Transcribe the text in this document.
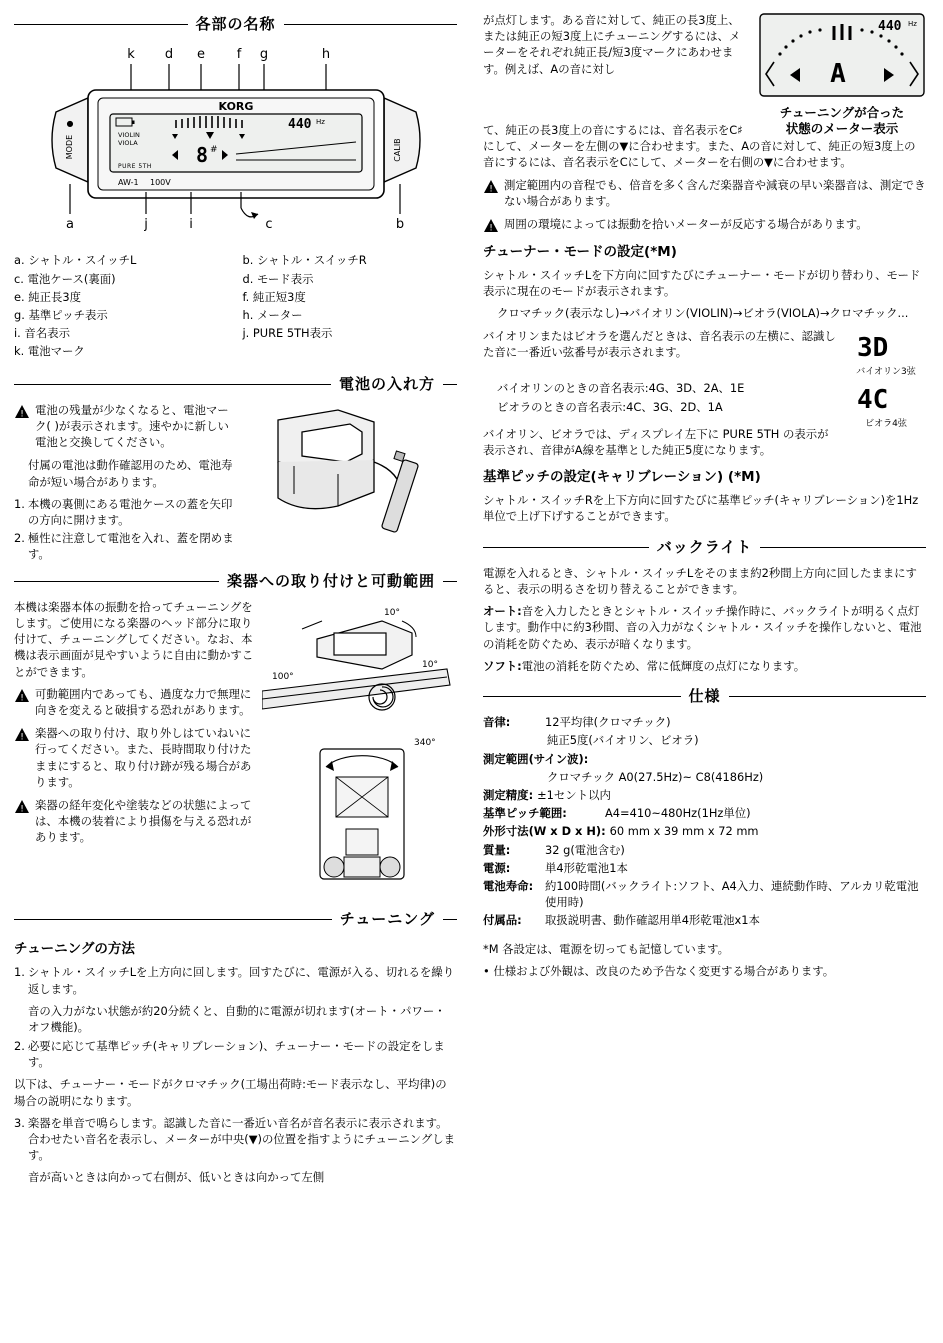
各部の名称
k d e f g	h
●
MODE	CALIB
KORG
VIOLIN
VIOLA
440 Hz
8 #
PURE 5TH
AW-1 100V
a	j	i	c	b
a. シャトル・スイッチL	b. シャトル・スイッチR
c. 電池ケース(裏面)	d. モード表示
e. 純正長3度	f. 純正短3度
g. 基準ピッチ表示	h. メーター
i. 音名表示	j. PURE 5TH表示
k. 電池マーク
電池の入れ方
! 電池の残量が少なくなると、電池マーク( )が表示されます。速やかに新しい電池と交換してください。

付属の電池は動作確認用のため、電池寿命が短い場合があります。

1. 本機の裏側にある電池ケースの蓋を矢印の方向に開けます。
2. 極性に注意して電池を入れ、蓋を閉めます。
楽器への取り付けと可動範囲
10°
10°
100°
340°

本機は楽器本体の振動を拾ってチューニングをします。ご使用になる楽器のヘッド部分に取り付けて、チューニングしてください。なお、本機は表示画面が見やすいように自由に動かすことができます。

! 可動範囲内であっても、過度な力で無理に向きを変えると破損する恐れがあります。
! 楽器への取り付け、取り外しはていねいに行ってください。また、長時間取り付けたままにすると、取り付け跡が残る場合があります。
! 楽器の経年変化や塗装などの状態によっては、本機の装着により損傷を与える恐れがあります。
チューニング
チューニングの方法
1. シャトル・スイッチLを上方向に回します。回すたびに、電源が入る、切れるを繰り返します。

音の入力がない状態が約20分続くと、自動的に電源が切れます(オート・パワー・オフ機能)。

2. 必要に応じて基準ピッチ(キャリブレーション)、チューナー・モードの設定をします。

以下は、チューナー・モードがクロマチック(工場出荷時:モード表示なし、平均律)の場合の説明になります。

3. 楽器を単音で鳴らします。認識した音に一番近い音名が音名表示に表示されます。合わせたい音名を表示し、メーターが中央(▼)の位置を指すようにチューニングします。

音が高いときは向かって右側が、低いときは向かって左側

440 Hz
A
チューニングが合った
状態のメーター表示

が点灯します。ある音に対して、純正の長3度上、または純正の短3度上にチューニングするには、メーターをそれぞれ純正長/短3度マークにあわせます。例えば、Aの音に対し

て、純正の長3度上の音にするには、音名表示をC♯にして、メーターを左側の▼に合わせます。また、Aの音に対して、純正の短3度上の音にするには、音名表示をCにして、メーターを右側の▼に合わせます。

! 測定範囲内の音程でも、倍音を多く含んだ楽器音や減衰の早い楽器音は、測定できない場合があります。
! 周囲の環境によっては振動を拾いメーターが反応する場合があります。
チューナー・モードの設定(*M)

シャトル・スイッチLを下方向に回すたびにチューナー・モードが切り替わり、モード表示に現在のモードが表示されます。

クロマチック(表示なし)→バイオリン(VIOLIN)→ビオラ(VIOLA)→クロマチック...

3D
バイオリン3弦

バイオリンまたはビオラを選んだときは、音名表示の左横に、認識した音に一番近い弦番号が表示されます。

4C
ビオラ4弦

バイオリンのときの音名表示:4G、3D、2A、1E

ビオラのときの音名表示:4C、3G、2D、1A

バイオリン、ビオラでは、ディスプレイ左下に PURE 5TH の表示が表示され、音律がA線を基準とした純正5度になります。

基準ピッチの設定(キャリブレーション) (*M)

シャトル・スイッチRを上下方向に回すたびに基準ピッチ(キャリブレーション)を1Hz単位で上げ下げすることができます。

バックライト

電源を入れるとき、シャトル・スイッチLをそのまま約2秒間上方向に回したままにすると、表示の明るさを切り替えることができます。

オート:音を入力したときとシャトル・スイッチ操作時に、バックライトが明るく点灯します。動作中に約3秒間、音の入力がなくシャトル・スイッチを操作しないと、電池の消耗を防ぐため、表示が暗くなります。

ソフト:電池の消耗を防ぐため、常に低輝度の点灯になります。

仕様
音律:	12平均律(クロマチック)
純正5度(バイオリン、ビオラ)
測定範囲(サイン波):
クロマチック A0(27.5Hz)~ C8(4186Hz)
測定精度: ±1セント以内
基準ピッチ範囲:	A4=410~480Hz(1Hz単位)
外形寸法(W x D x H): 60 mm x 39 mm x 72 mm
質量:	32 g(電池含む)
電源:	単4形乾電池1本
電池寿命:	約100時間(バックライト:ソフト、A4入力、連続動作時、アルカリ乾電池使用時)
付属品:	取扱説明書、動作確認用単4形乾電池x1本

*M 各設定は、電源を切っても記憶しています。

• 仕様および外観は、改良のため予告なく変更する場合があります。
